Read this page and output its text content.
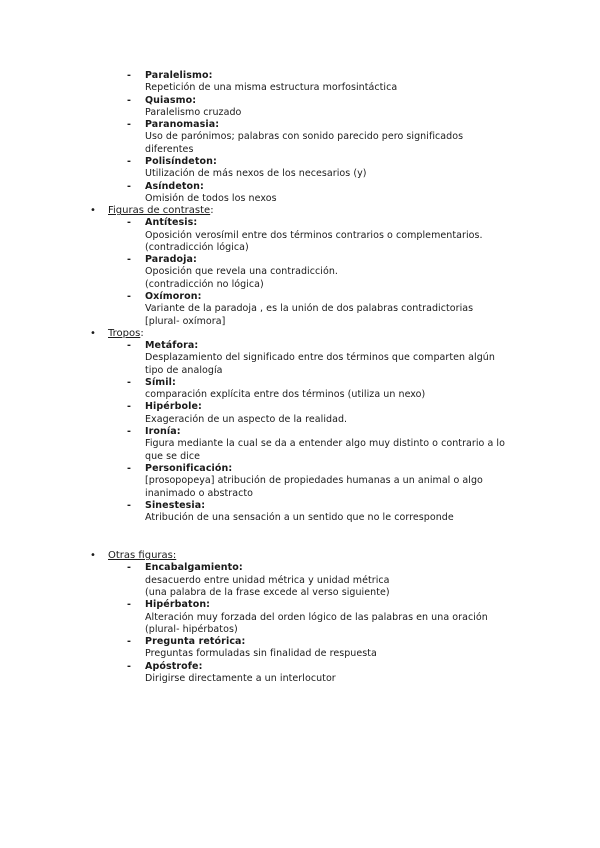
- Paralelismo:
Repetición de una misma estructura morfosintáctica
- Quiasmo:
Paralelismo cruzado
- Paranomasia:
Uso de parónimos; palabras con sonido parecido pero significados
diferentes
- Polisíndeton:
Utilización de más nexos de los necesarios (y)
- Asíndeton:
Omisión de todos los nexos
• Figuras de contraste:
- Antítesis:
Oposición verosímil entre dos términos contrarios o complementarios.
(contradicción lógica)
- Paradoja:
Oposición que revela una contradicción.
(contradicción no lógica)
- Oxímoron:
Variante de la paradoja , es la unión de dos palabras contradictorias
[plural- oxímora]
• Tropos:
- Metáfora:
Desplazamiento del significado entre dos términos que comparten algún
tipo de analogía
- Símil:
comparación explícita entre dos términos (utiliza un nexo)
- Hipérbole:
Exageración de un aspecto de la realidad.
- Ironía:
Figura mediante la cual se da a entender algo muy distinto o contrario a lo
que se dice
- Personificación:
[prosopopeya] atribución de propiedades humanas a un animal o algo
inanimado o abstracto
- Sinestesia:
Atribución de una sensación a un sentido que no le corresponde
• Otras figuras:
- Encabalgamiento:
desacuerdo entre unidad métrica y unidad métrica
(una palabra de la frase excede al verso siguiente)
- Hipérbaton:
Alteración muy forzada del orden lógico de las palabras en una oración
(plural- hipérbatos)
- Pregunta retórica:
Preguntas formuladas sin finalidad de respuesta
- Apóstrofe:
Dirigirse directamente a un interlocutor
